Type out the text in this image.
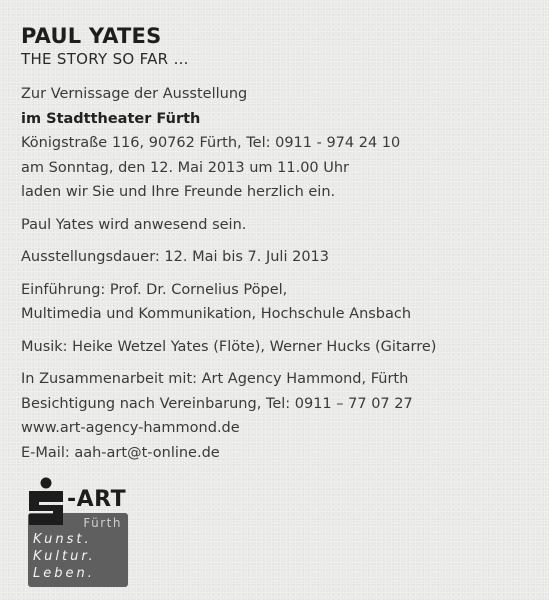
PAUL YATES

THE STORY SO FAR …

Zur Vernissage der Ausstellung
im Stadttheater Fürth
Königstraße 116, 90762 Fürth, Tel: 0911 - 974 24 10
am Sonntag, den 12. Mai 2013 um 11.00 Uhr
laden wir Sie und Ihre Freunde herzlich ein.
Paul Yates wird anwesend sein.
Ausstellungsdauer: 12. Mai bis 7. Juli 2013
Einführung: Prof. Dr. Cornelius Pöpel,
Multimedia und Kommunikation, Hochschule Ansbach
Musik: Heike Wetzel Yates (Flöte), Werner Hucks (Gitarre)
In Zusammenarbeit mit: Art Agency Hammond, Fürth
Besichtigung nach Vereinbarung, Tel: 0911 – 77 07 27
www.art-agency-hammond.de
E-Mail: aah-art@t-online.de
Fürth
Kunst.
Kultur.
Leben.
-ART
